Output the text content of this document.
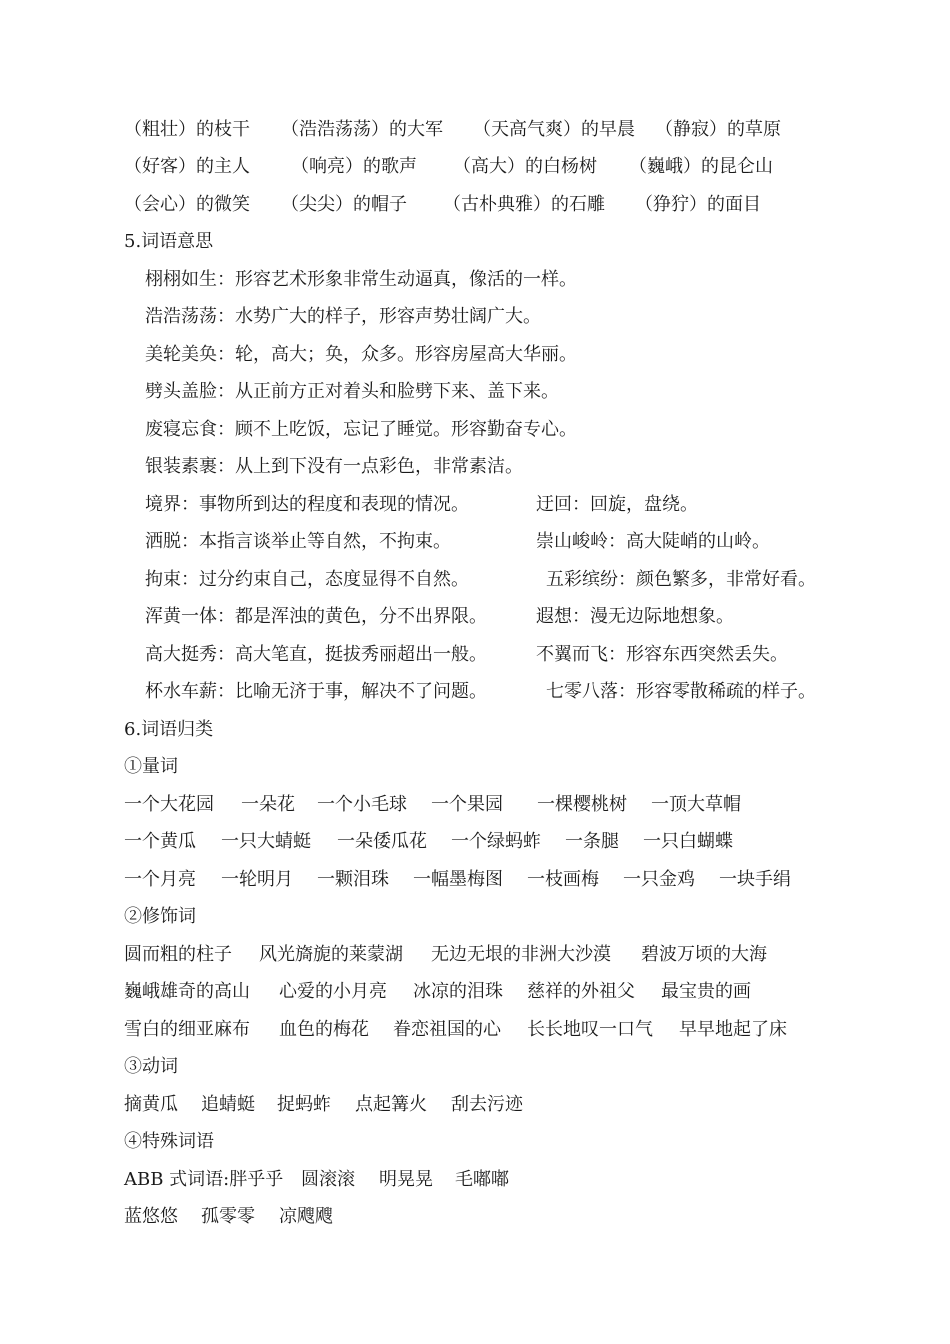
（粗壮）的枝干 （浩浩荡荡）的大军 （天高气爽）的早晨 （静寂）的草原
（好客）的主人 （响亮）的歌声 （高大）的白杨树 （巍峨）的昆仑山
（会心）的微笑 （尖尖）的帽子 （古朴典雅）的石雕 （狰狞）的面目
5.词语意思
栩栩如生：形容艺术形象非常生动逼真，像活的一样。
浩浩荡荡：水势广大的样子，形容声势壮阔广大。
美轮美奂：轮，高大；奂，众多。形容房屋高大华丽。
劈头盖脸：从正前方正对着头和脸劈下来、盖下来。
废寝忘食：顾不上吃饭，忘记了睡觉。形容勤奋专心。
银装素裹：从上到下没有一点彩色，非常素洁。
境界：事物所到达的程度和表现的情况。	迂回：回旋，盘绕。
洒脱：本指言谈举止等自然，不拘束。	崇山峻岭：高大陡峭的山岭。
拘束：过分约束自己，态度显得不自然。	五彩缤纷：颜色繁多，非常好看。
浑黄一体：都是浑浊的黄色，分不出界限。	遐想：漫无边际地想象。
高大挺秀：高大笔直，挺拔秀丽超出一般。	不翼而飞：形容东西突然丢失。
杯水车薪：比喻无济于事，解决不了问题。	七零八落：形容零散稀疏的样子。
6.词语归类
①量词
一个大花园 一朵花 一个小毛球 一个果园 一棵樱桃树 一顶大草帽
一个黄瓜 一只大蜻蜓 一朵倭瓜花 一个绿蚂蚱 一条腿 一只白蝴蝶
一个月亮 一轮明月 一颗泪珠 一幅墨梅图 一枝画梅 一只金鸡 一块手绢
②修饰词
圆而粗的柱子 风光旖旎的莱蒙湖 无边无垠的非洲大沙漠 碧波万顷的大海
巍峨雄奇的高山 心爱的小月亮 冰凉的泪珠 慈祥的外祖父 最宝贵的画
雪白的细亚麻布 血色的梅花 眷恋祖国的心 长长地叹一口气 早早地起了床
③动词
摘黄瓜 追蜻蜓 捉蚂蚱 点起篝火 刮去污迹
④特殊词语
ABB 式词语:胖乎乎 圆滚滚 明晃晃 毛嘟嘟
蓝悠悠 孤零零 凉飕飕
